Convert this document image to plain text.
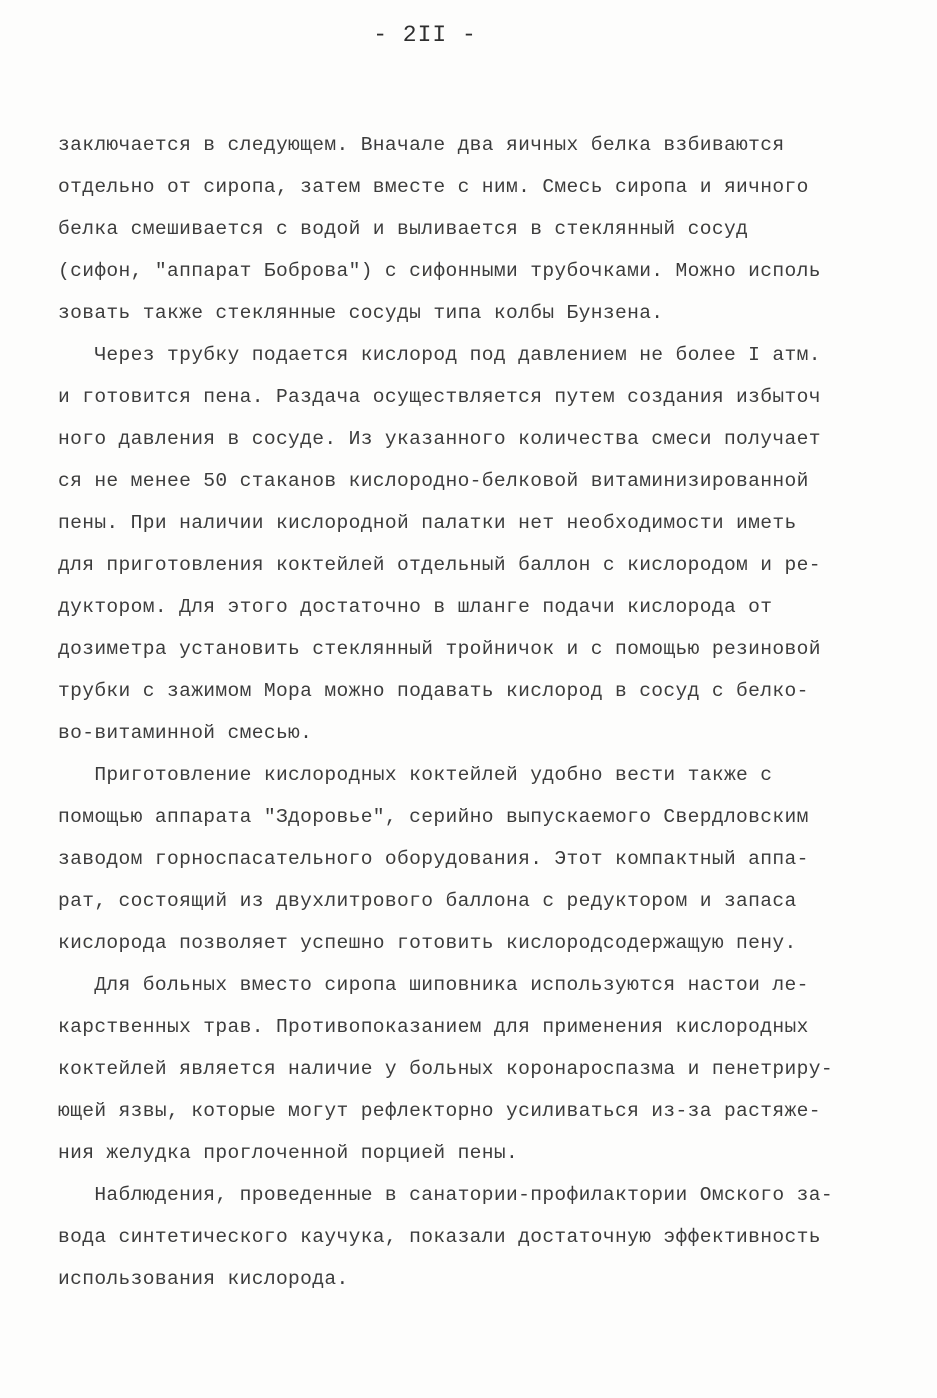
- 2II -
заключается в следующем. Вначале два яичных белка взбиваются
отдельно от сиропа, затем вместе с ним. Смесь сиропа и яичного
белка смешивается с водой и выливается в стеклянный сосуд
(сифон, "аппарат Боброва") с сифонными трубочками. Можно исполь
зовать также стеклянные сосуды типа колбы Бунзена.
Через трубку подается кислород под давлением не более I атм.
и готовится пена. Раздача осуществляется путем создания избыточ
ного давления в сосуде. Из указанного количества смеси получает
ся не менее 50 стаканов кислородно-белковой витаминизированной
пены. При наличии кислородной палатки нет необходимости иметь
для приготовления коктейлей отдельный баллон с кислородом и ре-
дуктором. Для этого достаточно в шланге подачи кислорода от
дозиметра установить стеклянный тройничок и с помощью резиновой
трубки с зажимом Мора можно подавать кислород в сосуд с белко-
во-витаминной смесью.
Приготовление кислородных коктейлей удобно вести также с
помощью аппарата "Здоровье", серийно выпускаемого Свердловским
заводом горноспасательного оборудования. Этот компактный аппа-
рат, состоящий из двухлитрового баллона с редуктором и запаса
кислорода позволяет успешно готовить кислородсодержащую пену.
Для больных вместо сиропа шиповника используются настои ле-
карственных трав. Противопоказанием для применения кислородных
коктейлей является наличие у больных коронароспазма и пенетриру-
ющей язвы, которые могут рефлекторно усиливаться из-за растяже-
ния желудка проглоченной порцией пены.
Наблюдения, проведенные в санатории-профилактории Омского за-
вода синтетического каучука, показали достаточную эффективность
использования кислорода.
